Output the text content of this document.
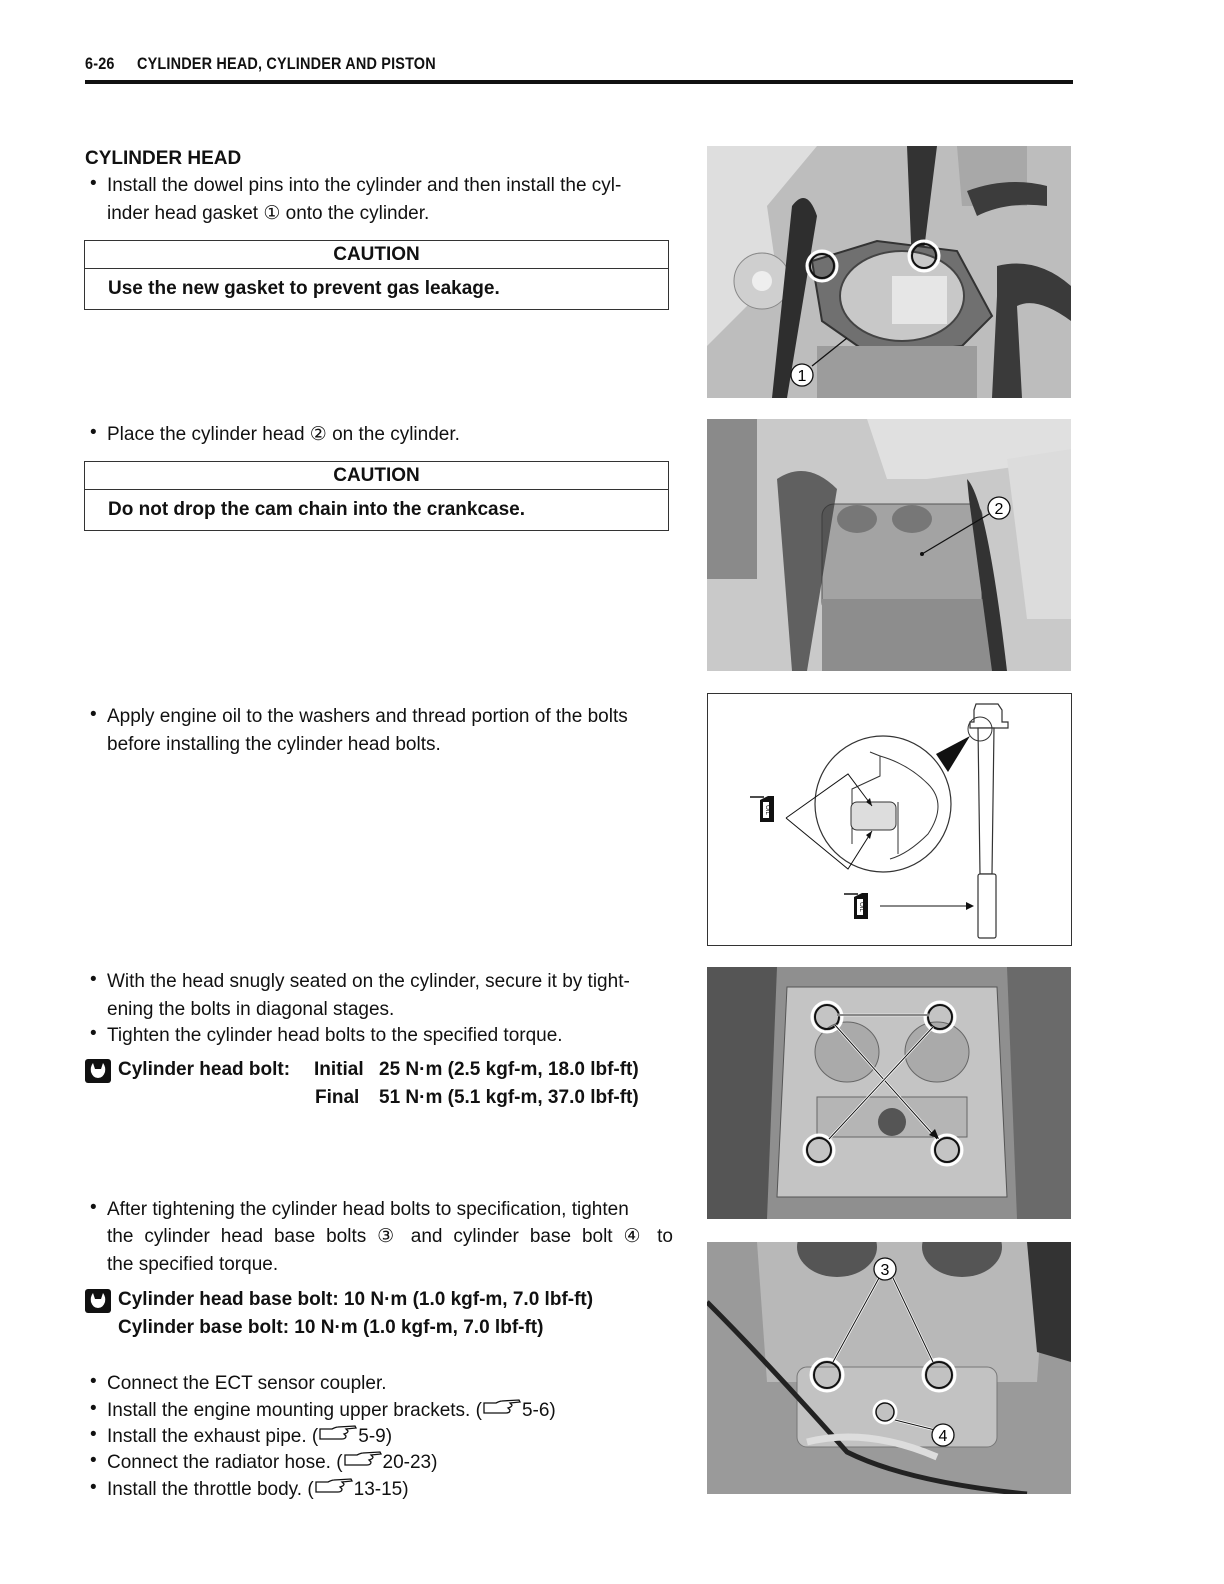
6-26 CYLINDER HEAD, CYLINDER AND PISTON
CYLINDER HEAD
• Install the dowel pins into the cylinder and then install the cyl-
inder head gasket ① onto the cylinder.
CAUTION
Use the new gasket to prevent gas leakage.
• Place the cylinder head ② on the cylinder.
CAUTION
Do not drop the cam chain into the crankcase.
• Apply engine oil to the washers and thread portion of the bolts
before installing the cylinder head bolts.
• With the head snugly seated on the cylinder, secure it by tight-
ening the bolts in diagonal stages.
• Tighten the cylinder head bolts to the specified torque.
Cylinder head bolt: Initial 25 N·m (2.5 kgf-m, 18.0 lbf-ft)
Final 51 N·m (5.1 kgf-m, 37.0 lbf-ft)
• After tightening the cylinder head bolts to specification, tighten
the cylinder head base bolts ③ and cylinder base bolt ④ to
the specified torque.
Cylinder head base bolt: 10 N·m (1.0 kgf-m, 7.0 lbf-ft)
Cylinder base bolt: 10 N·m (1.0 kgf-m, 7.0 lbf-ft)
• Connect the ECT sensor coupler.
• Install the engine mounting upper brackets. ( 5-6)
• Install the exhaust pipe. ( 5-9)
• Connect the radiator hose. ( 20-23)
• Install the throttle body. ( 13-15)
1
2
OIL
OIL
3
4
